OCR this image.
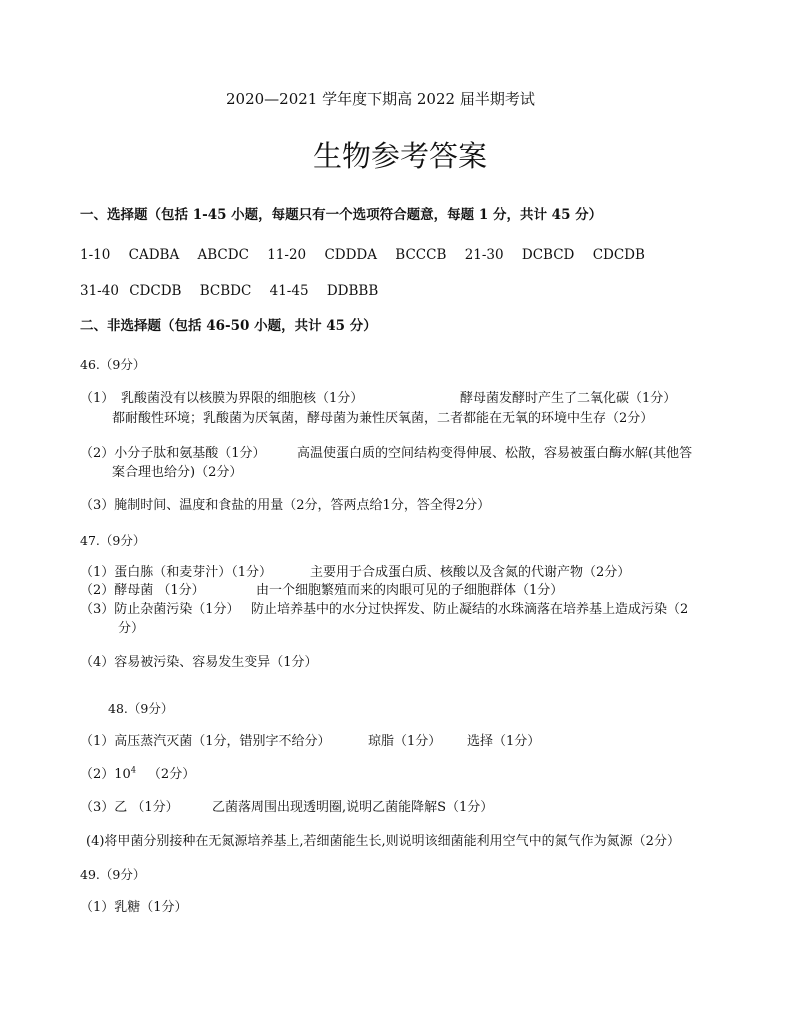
2020—2021 学年度下期高 2022 届半期考试
生物参考答案
一、选择题（包括 1-45 小题，每题只有一个选项符合题意，每题 1 分，共计 45 分）
1-10 CADBA ABCDC 11-20 CDDDA BCCCB 21-30 DCBCD CDCDB
31-40 CDCDB BCBDC 41-45 DDBBB
二、非选择题（包括 46-50 小题，共计 45 分）
46.（9分）
（1） 乳酸菌没有以核膜为界限的细胞核（1分）	酵母菌发酵时产生了二氧化碳（1分）
都耐酸性环境；乳酸菌为厌氧菌，酵母菌为兼性厌氧菌，二者都能在无氧的环境中生存（2分）
（2）小分子肽和氨基酸（1分） 高温使蛋白质的空间结构变得伸展、松散，容易被蛋白酶水解(其他答
案合理也给分)（2分）
（3）腌制时间、温度和食盐的用量（2分，答两点给1分，答全得2分）
47.（9分）
（1）蛋白胨（和麦芽汁）（1分）	主要用于合成蛋白质、核酸以及含氮的代谢产物（2分）
（2）酵母菌 （1分）	由一个细胞繁殖而来的肉眼可见的子细胞群体（1分）
（3）防止杂菌污染（1分） 防止培养基中的水分过快挥发、防止凝结的水珠滴落在培养基上造成污染（2
分）
（4）容易被污染、容易发生变异（1分）
48.（9分）
（1）高压蒸汽灭菌（1分，错别字不给分）	琼脂（1分） 选择（1分）
$(2)10^4$ （2分）
（3）乙 （1分）	乙菌落周围出现透明圈,说明乙菌能降解S（1分）
(4)将甲菌分别接种在无氮源培养基上,若细菌能生长,则说明该细菌能利用空气中的氮气作为氮源（2分）
49.（9分）
（1）乳糖（1分）
